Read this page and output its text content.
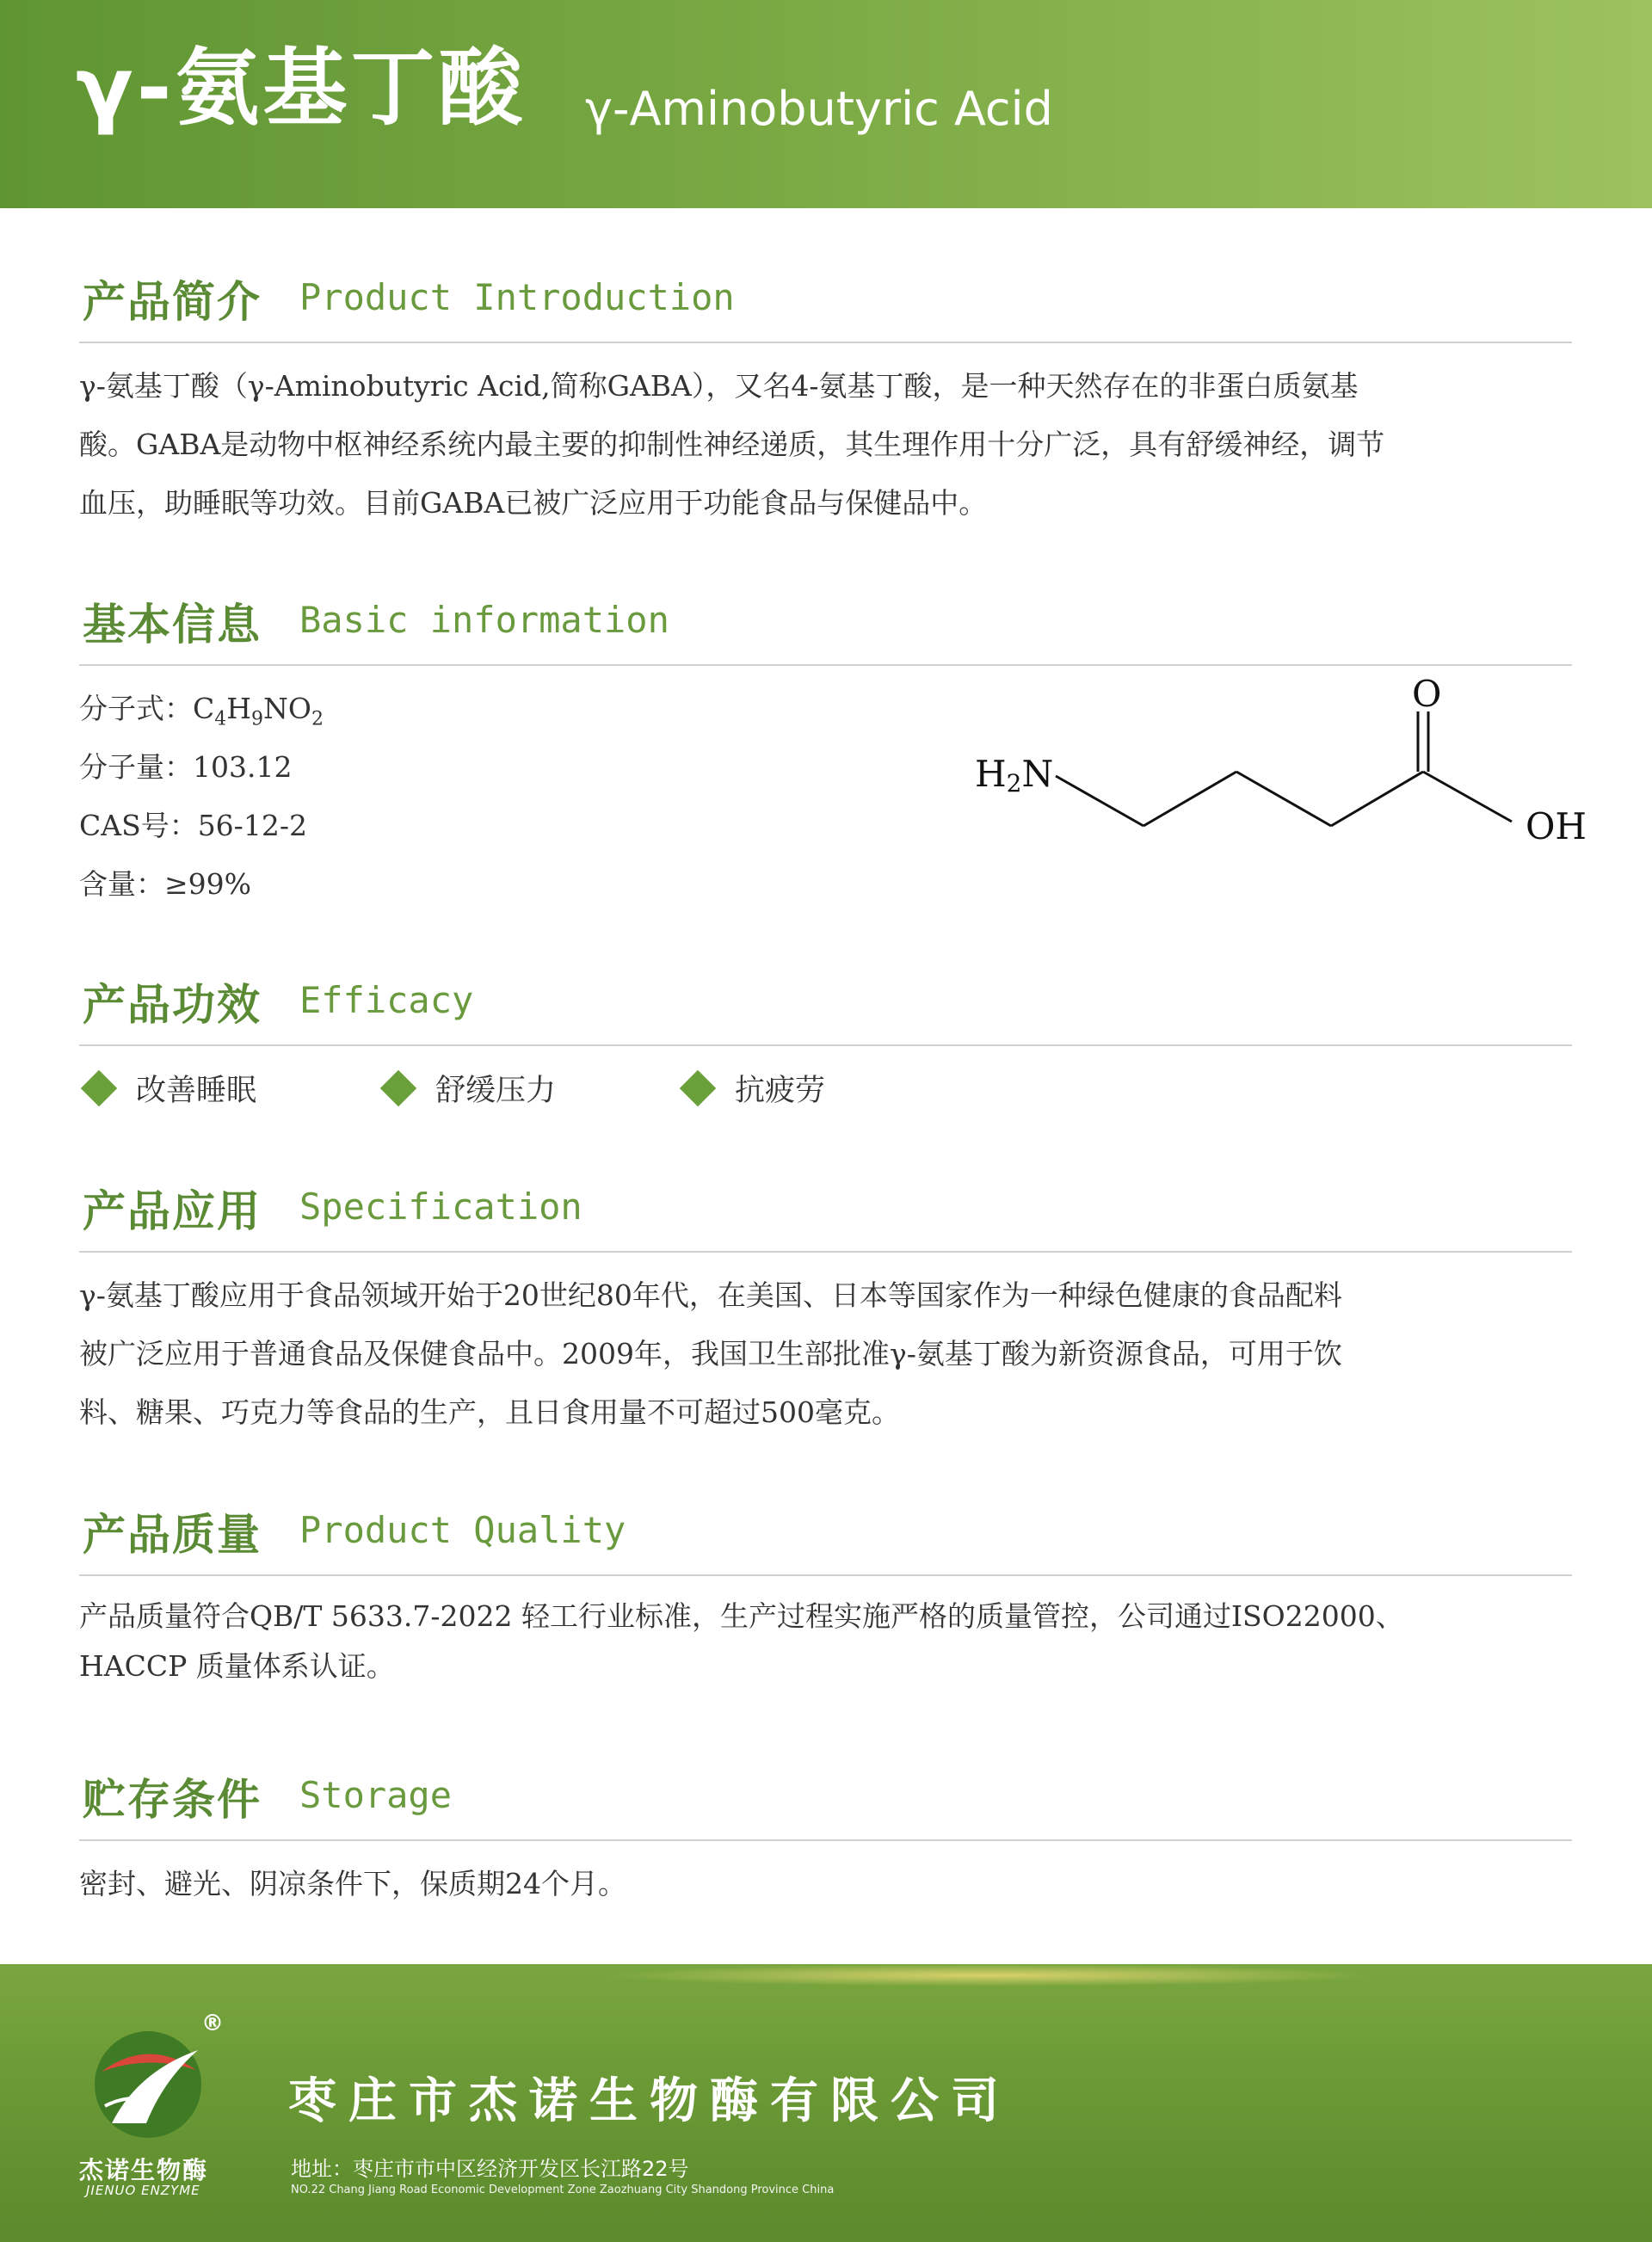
γ-氨基丁酸 γ-Aminobutyric Acid
产品简介 Product Introduction
γ-氨基丁酸（γ-Aminobutyric Acid,简称GABA），又名4-氨基丁酸，是一种天然存在的非蛋白质氨基
酸。GABA是动物中枢神经系统内最主要的抑制性神经递质，其生理作用十分广泛，具有舒缓神经，调节
血压，助睡眠等功效。目前GABA已被广泛应用于功能食品与保健品中。
基本信息 Basic information
分子式：$C_4H_9NO_2$
分子量：103.12
CAS号：56-12-2
含量：≥99%
H2N
O
OH
产品功效 Efficacy
改善睡眠	舒缓压力	抗疲劳
产品应用 Specification
γ-氨基丁酸应用于食品领域开始于20世纪80年代，在美国、日本等国家作为一种绿色健康的食品配料
被广泛应用于普通食品及保健食品中。2009年，我国卫生部批准γ-氨基丁酸为新资源食品，可用于饮
料、糖果、巧克力等食品的生产，且日食用量不可超过500毫克。
产品质量 Product Quality
产品质量符合QB/T 5633.7-2022 轻工行业标准，生产过程实施严格的质量管控，公司通过ISO22000、
HACCP 质量体系认证。
贮存条件 Storage
密封、避光、阴凉条件下，保质期24个月。
®
杰诺生物酶
JIENUO ENZYME
枣庄市杰诺生物酶有限公司
地址：枣庄市市中区经济开发区长江路22号
NO.22 Chang Jiang Road Economic Development Zone Zaozhuang City Shandong Province China
